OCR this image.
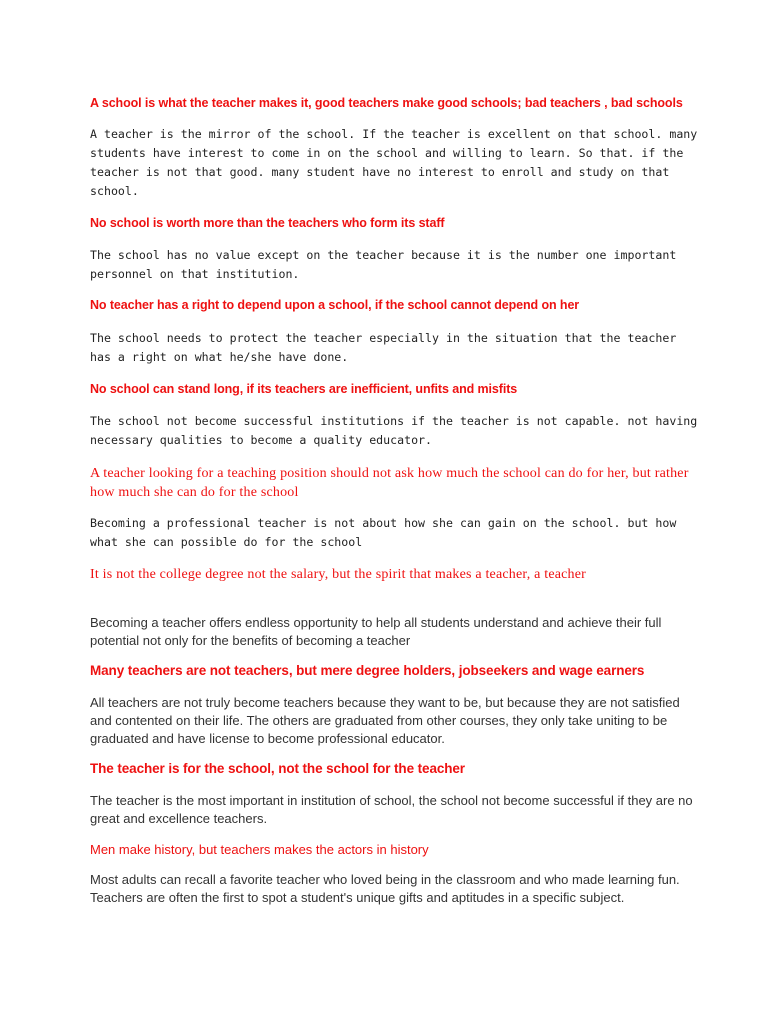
A school is what the teacher makes it, good teachers make good schools; bad teachers , bad schools

A teacher is the mirror of the school. If the teacher is excellent on that school. many students have interest to come in on the school and willing to learn. So that. if the teacher is not that good. many student have no interest to enroll and study on that school.

No school is worth more than the teachers who form its staff

The school has no value except on the teacher because it is the number one important personnel on that institution.

No teacher has a right to depend upon a school, if the school cannot depend on her

The school needs to protect the teacher especially in the situation that the teacher has a right on what he/she have done.

No school can stand long, if its teachers are inefficient, unfits and misfits

The school not become successful institutions if the teacher is not capable. not having necessary qualities to become a quality educator.

A teacher looking for a teaching position should not ask how much the school can do for her, but rather how much she can do for the school

Becoming a professional teacher is not about how she can gain on the school. but how what she can possible do for the school

It is not the college degree not the salary, but the spirit that makes a teacher, a teacher

Becoming a teacher offers endless opportunity to help all students understand and achieve their full potential not only for the benefits of becoming a teacher

Many teachers are not teachers, but mere degree holders, jobseekers and wage earners

All teachers are not truly become teachers because they want to be, but because they are not satisfied and contented on their life. The others are graduated from other courses, they only take uniting to be graduated and have license to become professional educator.

The teacher is for the school, not the school for the teacher

The teacher is the most important in institution of school, the school not become successful if they are no great and excellence teachers.

Men make history, but teachers makes the actors in history

Most adults can recall a favorite teacher who loved being in the classroom and who made learning fun. Teachers are often the first to spot a student's unique gifts and aptitudes in a specific subject.
